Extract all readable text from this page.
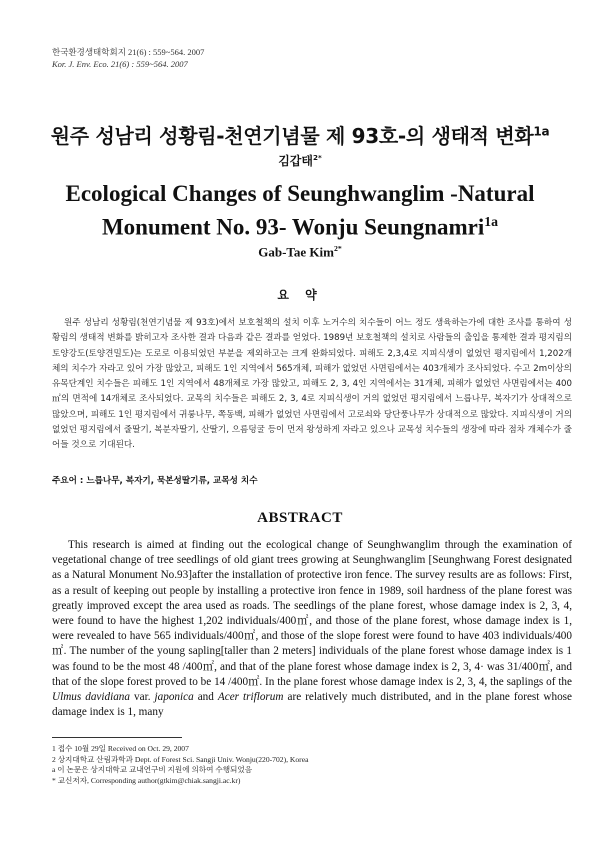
한국환경생태학회지 21(6) : 559~564. 2007
Kor. J. Env. Eco. 21(6) : 559~564. 2007
원주 성남리 성황림-천연기념물 제 93호-의 생태적 변화$^{1a}$
김갑태$^{2*}$
Ecological Changes of Seunghwanglim -Natural
Monument No. 93- Wonju Seungnamri$^{1a}$
Gab-Tae Kim$^{2*}$
요 약

원주 성남리 성황림(천연기념물 제 93호)에서 보호철책의 설치 이후 노거수의 치수들이 어느 정도 생육하는가에 대한 조사를 통하여 성황림의 생태적 변화를 밝히고자 조사한 결과 다음과 같은 결과를 얻었다. 1989년 보호철책의 설치로 사람들의 출입을 통제한 결과 평지림의 토양강도(토양견밀도)는 도로로 이용되었던 부분을 제외하고는 크게 완화되었다. 피해도 2,3,4로 지피식생이 없었던 평지림에서 1,202개체의 치수가 자라고 있어 가장 많았고, 피해도 1인 지역에서 565개체, 피해가 없었던 사면림에서는 403개체가 조사되었다. 수고 2m이상의 유목단계인 치수들은 피해도 1인 지역에서 48개체로 가장 많았고, 피해도 2, 3, 4인 지역에서는 31개체, 피해가 없었던 사면림에서는 400㎡의 면적에 14개체로 조사되었다. 교목의 치수들은 피해도 2, 3, 4로 지피식생이 거의 없었던 평지림에서 느릅나무, 복자기가 상대적으로 많았으며, 피해도 1인 평지림에서 귀룽나무, 쪽동백, 피해가 없었던 사면림에서 고로쇠와 당단풍나무가 상대적으로 많았다. 지피식생이 거의 없었던 평지림에서 줄딸기, 복분자딸기, 산딸기, 으름덩굴 등이 먼저 왕성하게 자라고 있으나 교목성 치수들의 생장에 따라 점차 개체수가 줄어들 것으로 기대된다.

주요어 : 느릅나무, 복자기, 묵본성딸기류, 교목성 치수
ABSTRACT

This research is aimed at finding out the ecological change of Seunghwanglim through the examination of vegetational change of tree seedlings of old giant trees growing at Seunghwanglim [Seunghwang Forest designated as a Natural Monument No.93]after the installation of protective iron fence. The survey results are as follows: First, as a result of keeping out people by installing a protective iron fence in 1989, soil hardness of the plane forest was greatly improved except the area used as roads. The seedlings of the plane forest, whose damage index is 2, 3, 4, were found to have the highest 1,202 individuals/400㎡, and those of the plane forest, whose damage index is 1, were revealed to have 565 individuals/400㎡, and those of the slope forest were found to have 403 individuals/400㎡. The number of the young sapling[taller than 2 meters] individuals of the plane forest whose damage index is 1 was found to be the most 48 /400㎡, and that of the plane forest whose damage index is 2, 3, 4· was 31/400㎡, and that of the slope forest proved to be 14 /400㎡. In the plane forest whose damage index is 2, 3, 4, the saplings of the Ulmus davidiana var. japonica and Acer triflorum are relatively much distributed, and in the plane forest whose damage index is 1, many

1 접수 10월 29일 Received on Oct. 29, 2007
2 상지대학교 산림과학과 Dept. of Forest Sci. Sangji Univ. Wonju(220-702), Korea
a 이 논문은 상지대학교 교내연구비 지원에 의하여 수행되었음
* 교신저자, Corresponding author(gtkim@chiak.sangji.ac.kr)
